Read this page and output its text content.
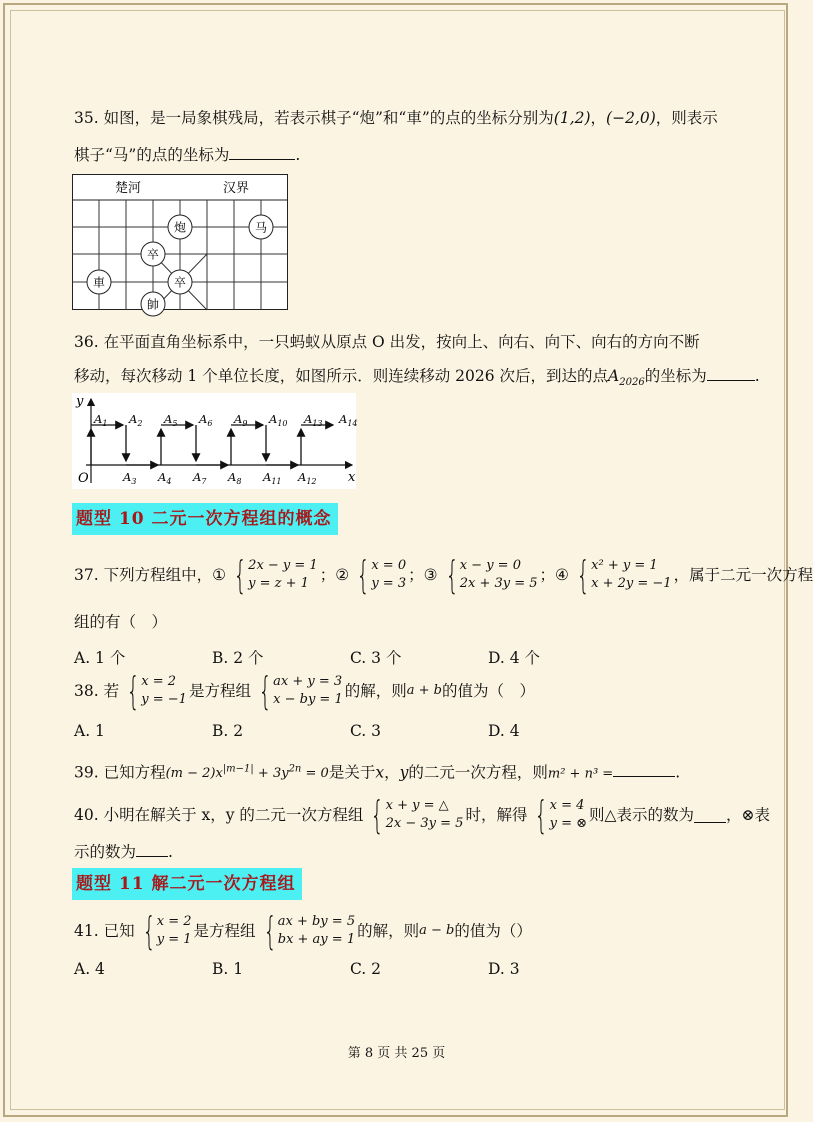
35. 如图，是一局象棋残局，若表示棋子“炮”和“車”的点的坐标分别为(1,2)，(−2,0)，则表示
棋子“马”的点的坐标为	.
楚河	汉界
炮	马
卒
卒
車
帥
36. 在平面直角坐标系中，一只蚂蚁从原点 O 出发，按向上、向右、向下、向右的方向不断
移动，每次移动 1 个单位长度，如图所示．则连续移动 2026 次后，到达的点$A_{2026}$的坐标为	.
$A_1$ $A_2$ $A_5$ $A_6$ $A_9$ $A_{10}$ $A_{13}$ $A_{14}$
$A_3$ $A_4$ $A_7$ $A_8$ $A_{11}$ $A_{12}$
y
x
O
题型 10 二元一次方程组的概念
37. 下列方程组中， ① { 2x − y = 1
y = z + 1 ； ② { x = 0
y = 3 ； ③ { x − y = 0
2x + 3y = 5 ； ④ { x² + y = 1
x + 2y = −1 ，属于二元一次方程
组的有（　）
A. 1 个	B. 2 个	C. 3 个	D. 4 个
38. 若 { x = 2
y = −1 是方程组 { ax + y = 3
x − by = 1 的解，则 a + b 的值为（　）
A. 1	B. 2	C. 3	D. 4
39. 已知方程$(m - 2)x^{|m-1|} + 3y^{2n} = 0$是关于x，y的二元一次方程，则m² + n³ =	.
40. 小明在解关于 x，y 的二元一次方程组 { x + y = △
2x − 3y = 5 时，解得 { x = 4
y = ⊗ 则△表示的数为 ，⊗表
示的数为 .
题型 11 解二元一次方程组
41. 已知 { x = 2
y = 1 是方程组 { ax + by = 5
bx + ay = 1 的解，则 a − b 的值为（）
A. 4	B. 1	C. 2	D. 3
第 8 页 共 25 页
